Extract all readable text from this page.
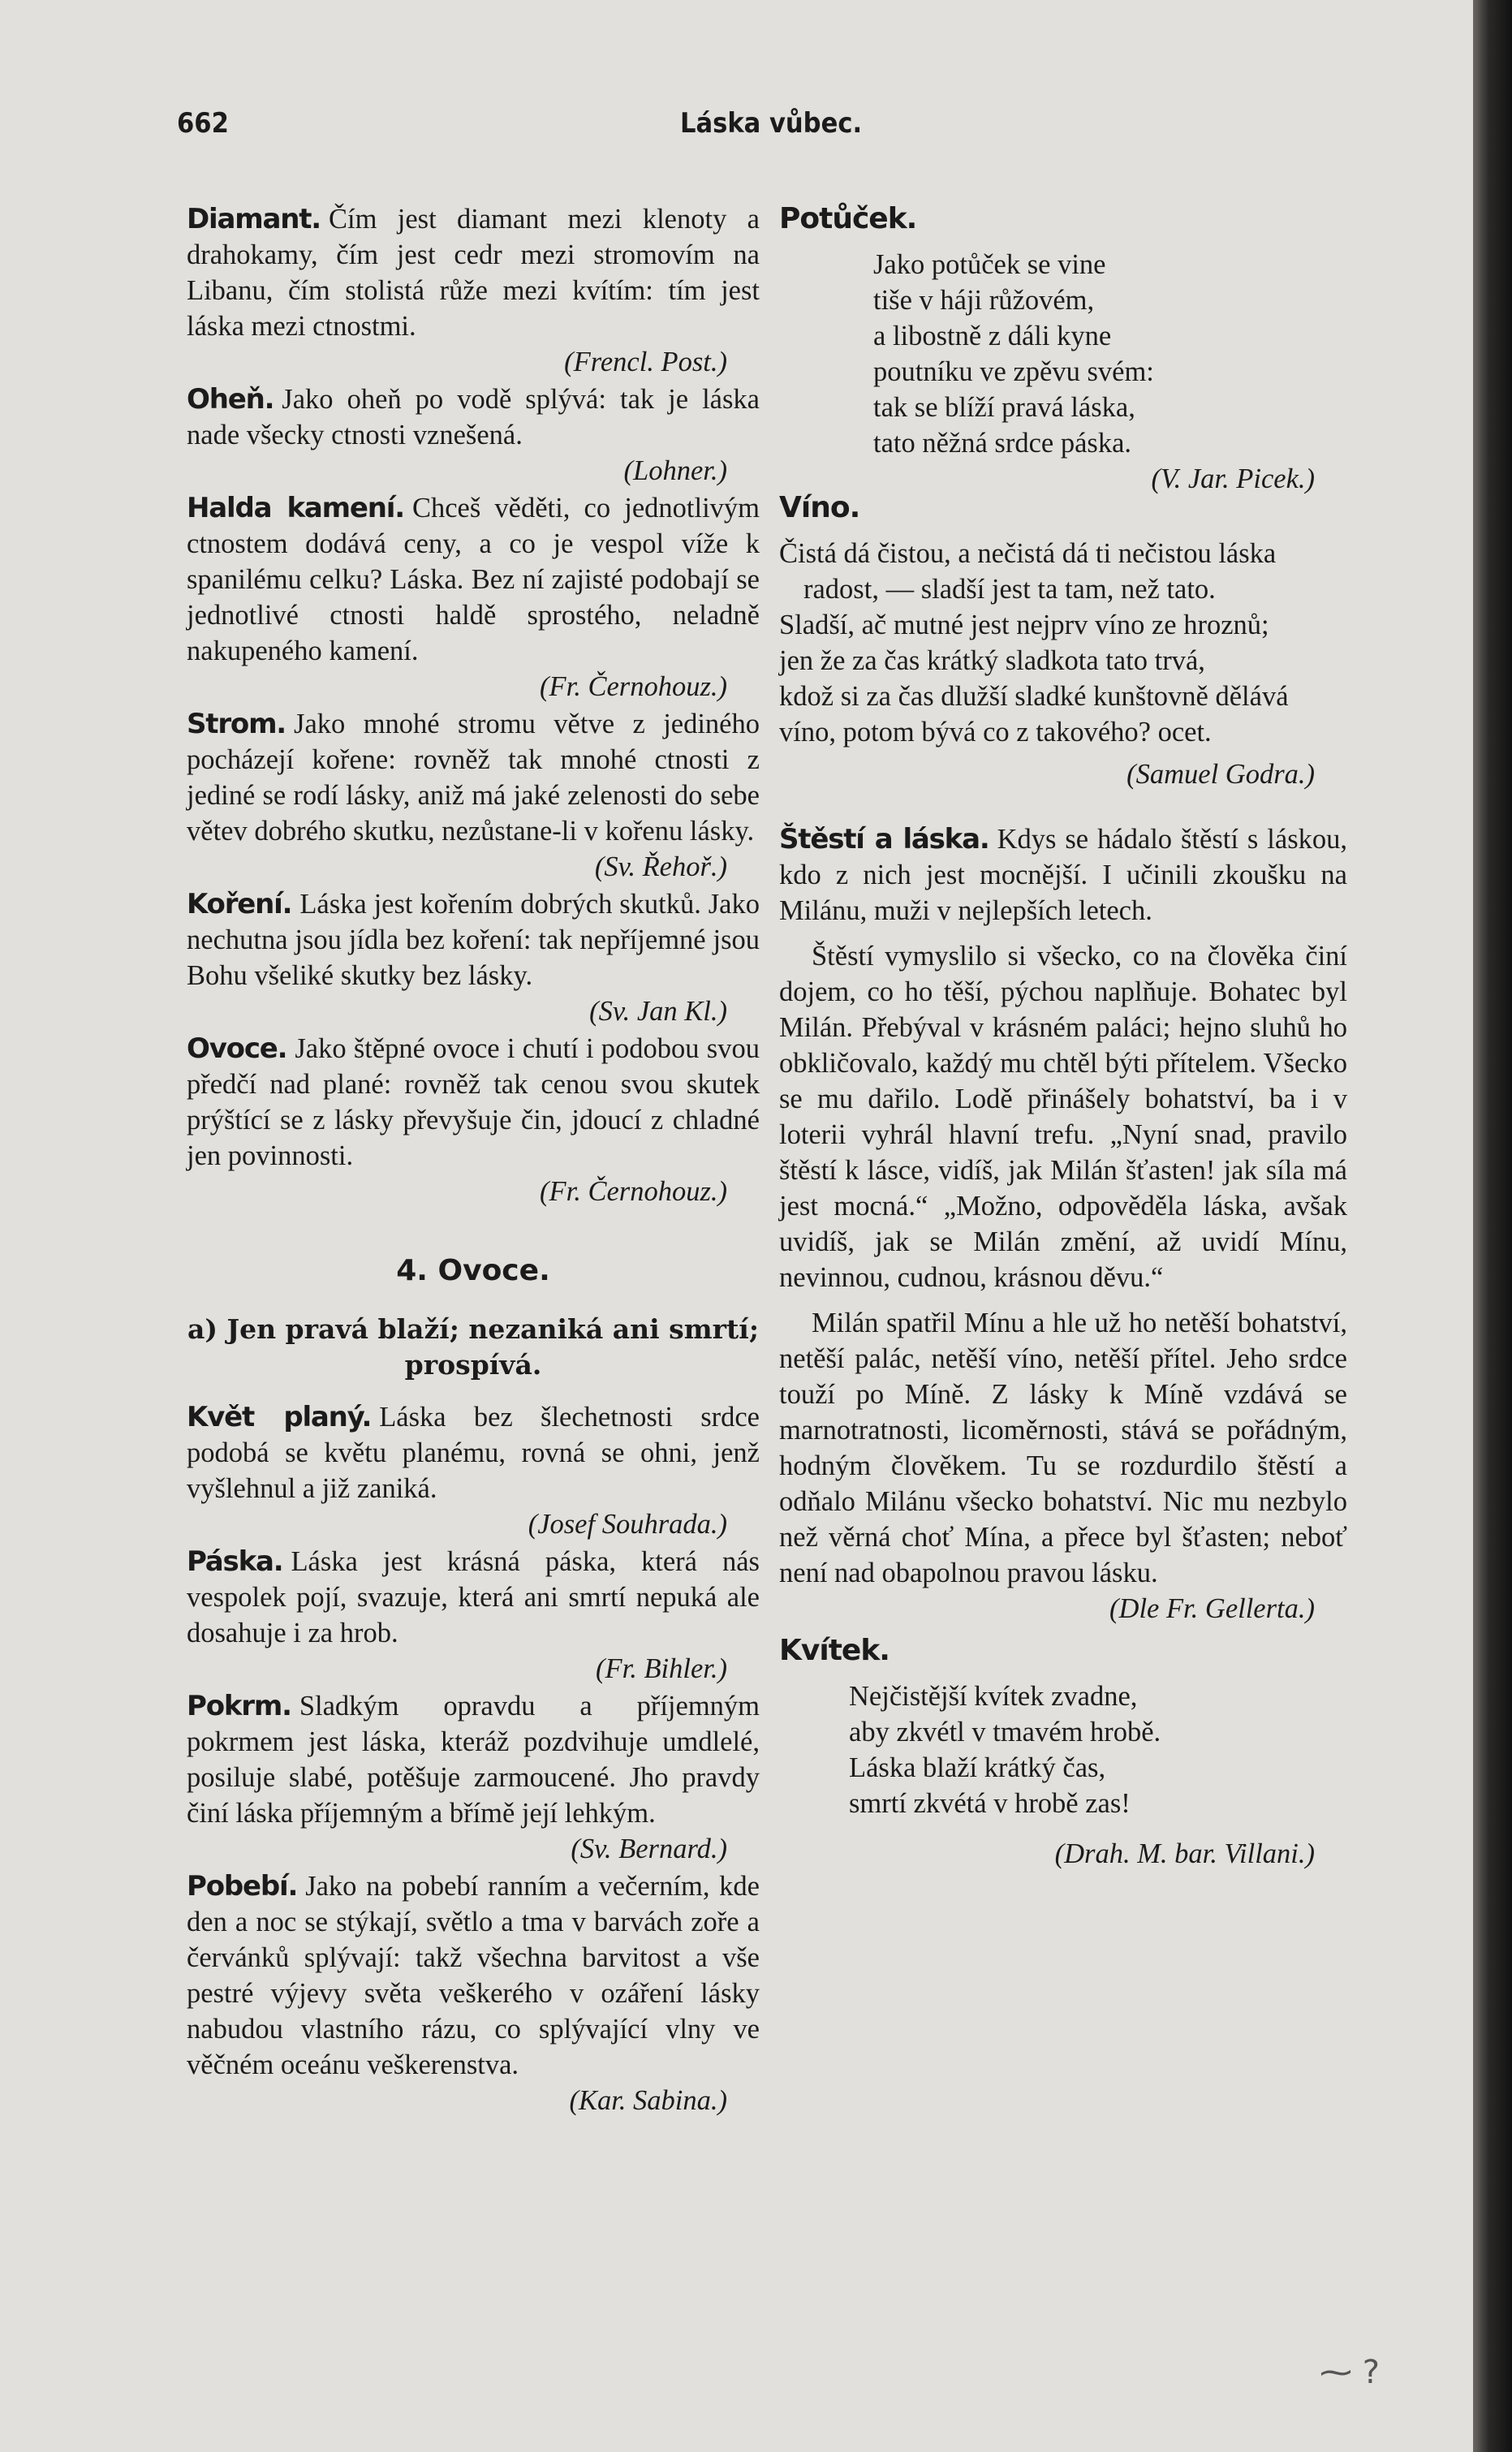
662	Láska vůbec.
Diamant. Čím jest diamant mezi klenoty a drahokamy, čím jest cedr mezi stromovím na Libanu, čím stolistá růže mezi kvítím: tím jest láska mezi ctnostmi.
(Frencl. Post.)
Oheň. Jako oheň po vodě splývá: tak je láska nade všecky ctnosti vznešená.
(Lohner.)
Halda kamení. Chceš věděti, co jednotlivým ctnostem dodává ceny, a co je vespol víže k spanilému celku? Láska. Bez ní zajisté podobají se jednotlivé ctnosti haldě sprostého, neladně nakupeného kamení.
(Fr. Černohouz.)
Strom. Jako mnohé stromu větve z jediného pocházejí kořene: rovněž tak mnohé ctnosti z jediné se rodí lásky, aniž má jaké zelenosti do sebe větev dobrého skutku, nezůstane-li v kořenu lásky.
(Sv. Řehoř.)
Koření. Láska jest kořením dobrých skutků. Jako nechutna jsou jídla bez koření: tak nepříjemné jsou Bohu všeliké skutky bez lásky.
(Sv. Jan Kl.)
Ovoce. Jako štěpné ovoce i chutí i podobou svou předčí nad plané: rovněž tak cenou svou skutek prýštící se z lásky převyšuje čin, jdoucí z chladné jen povinnosti.
(Fr. Černohouz.)
4. Ovoce.
a) Jen pravá blaží; nezaniká ani smrtí; prospívá.
Květ planý. Láska bez šlechetnosti srdce podobá se květu planému, rovná se ohni, jenž vyšlehnul a již zaniká.
(Josef Souhrada.)
Páska. Láska jest krásná páska, která nás vespolek pojí, svazuje, která ani smrtí nepuká ale dosahuje i za hrob.
(Fr. Bihler.)
Pokrm. Sladkým opravdu a příjemným pokrmem jest láska, kteráž pozdvihuje umdlelé, posiluje slabé, potěšuje zarmoucené. Jho pravdy činí láska příjemným a břímě její lehkým.
(Sv. Bernard.)
Pobebí. Jako na pobebí ranním a večerním, kde den a noc se stýkají, světlo a tma v barvách zoře a červánků splývají: takž všechna barvitost a vše pestré výjevy světa veškerého v ozáření lásky nabudou vlastního rázu, co splývající vlny ve věčném oceánu veškerenstva.
(Kar. Sabina.)
Potůček.
Jako potůček se vine
tiše v háji růžovém,
a libostně z dáli kyne
poutníku ve zpěvu svém:
tak se blíží pravá láska,
tato něžná srdce páska.
(V. Jar. Picek.)
Víno.
Čistá dá čistou, a nečistá dá ti nečistou láska radost, — sladší jest ta tam, než tato.
Sladší, ač mutné jest nejprv víno ze hroznů;
jen že za čas krátký sladkota tato trvá,
kdož si za čas dlužší sladké kunštovně dělává
víno, potom bývá co z takového? ocet.
(Samuel Godra.)
Štěstí a láska. Kdys se hádalo štěstí s láskou, kdo z nich jest mocnější. I učinili zkoušku na Milánu, muži v nejlepších letech.
Štěstí vymyslilo si všecko, co na člověka činí dojem, co ho těší, pýchou naplňuje. Bohatec byl Milán. Přebýval v krásném paláci; hejno sluhů ho obkličovalo, každý mu chtěl býti přítelem. Všecko se mu dařilo. Lodě přinášely bohatství, ba i v loterii vyhrál hlavní trefu. „Nyní snad, pravilo štěstí k lásce, vidíš, jak Milán šťasten! jak síla má jest mocná.“ „Možno, odpověděla láska, avšak uvidíš, jak se Milán změní, až uvidí Mínu, nevinnou, cudnou, krásnou děvu.“
Milán spatřil Mínu a hle už ho netěší bohatství, netěší palác, netěší víno, netěší přítel. Jeho srdce touží po Míně. Z lásky k Míně vzdává se marnotratnosti, licoměrnosti, stává se pořádným, hodným člověkem. Tu se rozdurdilo štěstí a odňalo Milánu všecko bohatství. Nic mu nezbylo než věrná choť Mína, a přece byl šťasten; neboť není nad obapolnou pravou lásku.
(Dle Fr. Gellerta.)
Kvítek.
Nejčistější kvítek zvadne,
aby zkvétl v tmavém hrobě.
Láska blaží krátký čas,
smrtí zkvétá v hrobě zas!
(Drah. M. bar. Villani.)
⁓ ?
